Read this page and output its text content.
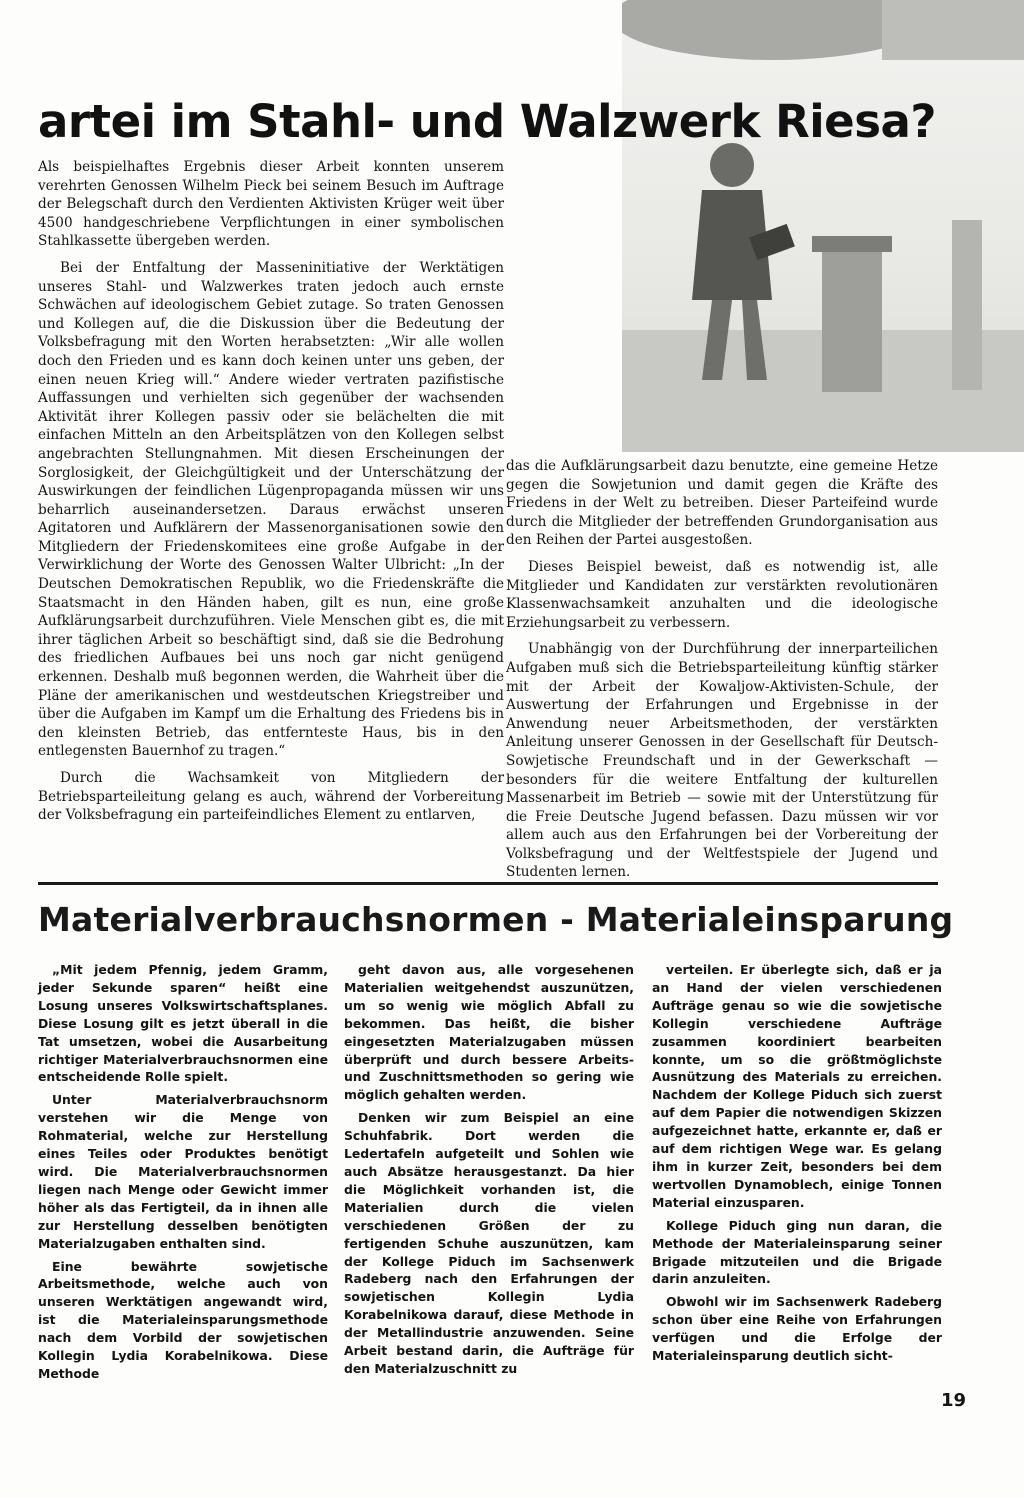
artei im Stahl- und Walzwerk Riesa?

Als beispielhaftes Ergebnis dieser Arbeit konnten unserem verehrten Genossen Wilhelm Pieck bei seinem Besuch im Auftrage der Belegschaft durch den Verdienten Aktivisten Krüger weit über 4500 handgeschriebene Verpflichtungen in einer symbolischen Stahlkassette übergeben werden.

Bei der Entfaltung der Masseninitiative der Werktätigen unseres Stahl- und Walzwerkes traten jedoch auch ernste Schwächen auf ideologischem Gebiet zutage. So traten Genossen und Kollegen auf, die die Diskussion über die Bedeutung der Volksbefragung mit den Worten herabsetzten: „Wir alle wollen doch den Frieden und es kann doch keinen unter uns geben, der einen neuen Krieg will.“ Andere wieder vertraten pazifistische Auffassungen und verhielten sich gegenüber der wachsenden Aktivität ihrer Kollegen passiv oder sie belächelten die mit einfachen Mitteln an den Arbeitsplätzen von den Kollegen selbst angebrachten Stellungnahmen. Mit diesen Erscheinungen der Sorglosigkeit, der Gleichgültigkeit und der Unterschätzung der Auswirkungen der feindlichen Lügenpropaganda müssen wir uns beharrlich auseinandersetzen. Daraus erwächst unseren Agitatoren und Aufklärern der Massenorganisationen sowie den Mitgliedern der Friedenskomitees eine große Aufgabe in der Verwirklichung der Worte des Genossen Walter Ulbricht: „In der Deutschen Demokratischen Republik, wo die Friedenskräfte die Staatsmacht in den Händen haben, gilt es nun, eine große Aufklärungsarbeit durchzuführen. Viele Menschen gibt es, die mit ihrer täglichen Arbeit so beschäftigt sind, daß sie die Bedrohung des friedlichen Aufbaues bei uns noch gar nicht genügend erkennen. Deshalb muß begonnen werden, die Wahrheit über die Pläne der amerikanischen und westdeutschen Kriegstreiber und über die Aufgaben im Kampf um die Erhaltung des Friedens bis in den kleinsten Betrieb, das entfernteste Haus, bis in den entlegensten Bauernhof zu tragen.“

Durch die Wachsamkeit von Mitgliedern der Betriebsparteileitung gelang es auch, während der Vorbereitung der Volksbefragung ein parteifeindliches Element zu entlarven,

das die Aufklärungsarbeit dazu benutzte, eine gemeine Hetze gegen die Sowjetunion und damit gegen die Kräfte des Friedens in der Welt zu betreiben. Dieser Parteifeind wurde durch die Mitglieder der betreffenden Grundorganisation aus den Reihen der Partei ausgestoßen.

Dieses Beispiel beweist, daß es notwendig ist, alle Mitglieder und Kandidaten zur verstärkten revolutionären Klassenwachsamkeit anzuhalten und die ideologische Erziehungsarbeit zu verbessern.

Unabhängig von der Durchführung der innerparteilichen Aufgaben muß sich die Betriebsparteileitung künftig stärker mit der Arbeit der Kowaljow-Aktivisten-Schule, der Auswertung der Erfahrungen und Ergebnisse in der Anwendung neuer Arbeitsmethoden, der verstärkten Anleitung unserer Genossen in der Gesellschaft für Deutsch-Sowjetische Freundschaft und in der Gewerkschaft — besonders für die weitere Entfaltung der kulturellen Massenarbeit im Betrieb — sowie mit der Unterstützung für die Freie Deutsche Jugend befassen. Dazu müssen wir vor allem auch aus den Erfahrungen bei der Vorbereitung der Volksbefragung und der Weltfestspiele der Jugend und Studenten lernen.

Materialverbrauchsnormen - Materialeinsparung

„Mit jedem Pfennig, jedem Gramm, jeder Sekunde sparen“ heißt eine Losung unseres Volkswirtschaftsplanes. Diese Losung gilt es jetzt überall in die Tat umsetzen, wobei die Ausarbeitung richtiger Materialverbrauchsnormen eine entscheidende Rolle spielt.

Unter Materialverbrauchsnorm verstehen wir die Menge von Rohmaterial, welche zur Herstellung eines Teiles oder Produktes benötigt wird. Die Materialverbrauchsnormen liegen nach Menge oder Gewicht immer höher als das Fertigteil, da in ihnen alle zur Herstellung desselben benötigten Materialzugaben enthalten sind.

Eine bewährte sowjetische Arbeitsmethode, welche auch von unseren Werktätigen angewandt wird, ist die Materialeinsparungsmethode nach dem Vorbild der sowjetischen Kollegin Lydia Korabelnikowa. Diese Methode

geht davon aus, alle vorgesehenen Materialien weitgehendst auszunützen, um so wenig wie möglich Abfall zu bekommen. Das heißt, die bisher eingesetzten Materialzugaben müssen überprüft und durch bessere Arbeits- und Zuschnittsmethoden so gering wie möglich gehalten werden.

Denken wir zum Beispiel an eine Schuhfabrik. Dort werden die Ledertafeln aufgeteilt und Sohlen wie auch Absätze herausgestanzt. Da hier die Möglichkeit vorhanden ist, die Materialien durch die vielen verschiedenen Größen der zu fertigenden Schuhe auszunützen, kam der Kollege Piduch im Sachsenwerk Radeberg nach den Erfahrungen der sowjetischen Kollegin Lydia Korabelnikowa darauf, diese Methode in der Metallindustrie anzuwenden. Seine Arbeit bestand darin, die Aufträge für den Materialzuschnitt zu

verteilen. Er überlegte sich, daß er ja an Hand der vielen verschiedenen Aufträge genau so wie die sowjetische Kollegin verschiedene Aufträge zusammen koordiniert bearbeiten konnte, um so die größtmöglichste Ausnützung des Materials zu erreichen. Nachdem der Kollege Piduch sich zuerst auf dem Papier die notwendigen Skizzen aufgezeichnet hatte, erkannte er, daß er auf dem richtigen Wege war. Es gelang ihm in kurzer Zeit, besonders bei dem wertvollen Dynamoblech, einige Tonnen Material einzusparen.

Kollege Piduch ging nun daran, die Methode der Materialeinsparung seiner Brigade mitzuteilen und die Brigade darin anzuleiten.

Obwohl wir im Sachsenwerk Radeberg schon über eine Reihe von Erfahrungen verfügen und die Erfolge der Materialeinsparung deutlich sicht-

19
